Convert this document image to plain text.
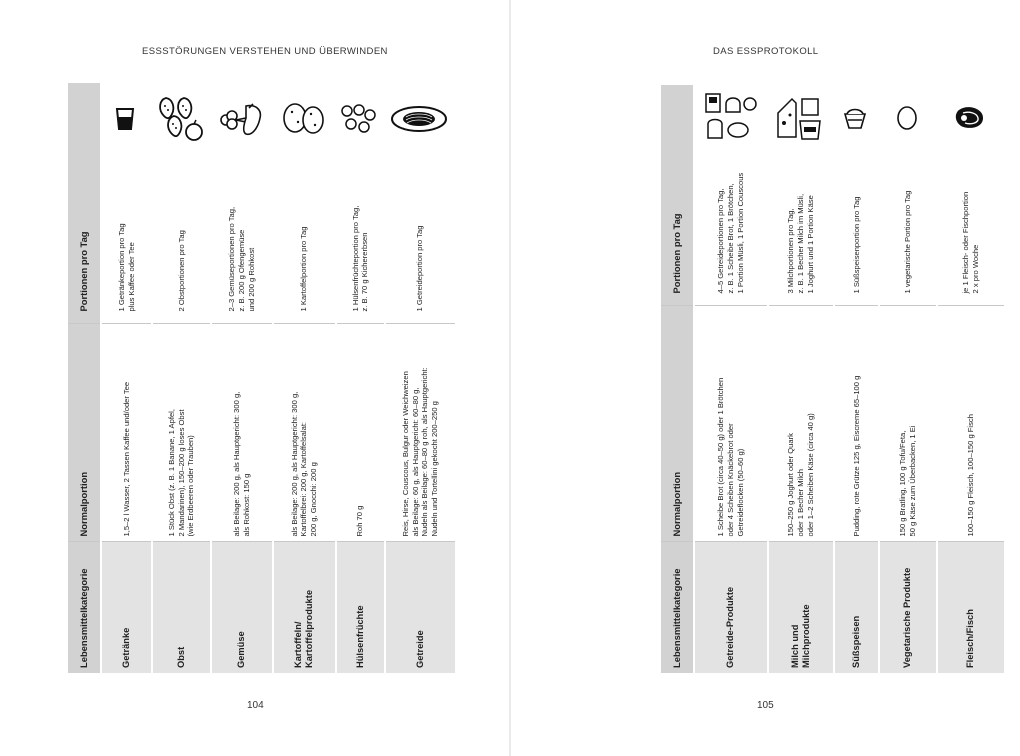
ESSSTÖRUNGEN VERSTEHEN UND ÜBERWINDEN
104
Lebensmittelkategorie	Normalportion	Portionen pro Tag	
Getränke	1,5–2 l Wasser, 2 Tassen Kaffee und/oder Tee	1 Getränkeportion pro Tag
plus Kaffee oder Tee	

Obst	1 Stück Obst (z. B. 1 Banane, 1 Apfel,
2 Mandarinen), 150–200 g loses Obst
(wie Erdbeeren oder Trauben)	2 Obstportionen pro Tag	

Gemüse	als Beilage: 200 g, als Hauptgericht: 300 g,
als Rohkost: 150 g	2–3 Gemüseportionen pro Tag,
z. B. 200 g Ofengemüse
und 200 g Rohkost	

Kartoffeln/
Kartoffelprodukte	als Beilage: 200 g, als Hauptgericht: 300 g,
Kartoffelbrei: 200 g, Kartoffelsalat:
200 g, Gnocchi: 200 g	1 Kartoffelportion pro Tag	

Hülsenfrüchte	Roh 70 g	1 Hülsenfrüchteportion pro Tag,
z. B. 70 g Kichererbsen	

Getreide	Reis, Hirse, Couscous, Bulgur oder Weichweizen
als Beilage: 60 g, als Hauptgericht: 60–80 g,
Nudeln als Beilage: 60–80 g roh, als Hauptgericht:
Nudeln und Tortellini gekocht 200–250 g	1 Getreideportion pro Tag	
DAS ESSPROTOKOLL
105
Lebensmittelkategorie	Normalportion	Portionen pro Tag	
Getreide-Produkte	1 Scheibe Brot (circa 40–50 g) oder 1 Brötchen
oder 4 Scheiben Knäckebrot oder
Getreideflocken (50–60 g)	4–5 Getreideportionen pro Tag,
z. B. 1 Scheibe Brot, 1 Brötchen,
1 Portion Müsli, 1 Portion Couscous	

Milch und
Milchprodukte	150–250 g Joghurt oder Quark
oder 1 Becher Milch
oder 1–2 Scheiben Käse (circa 40 g)	3 Milchportionen pro Tag,
z. B. 1 Becher Milch im Müsli,
1 Joghurt und 1 Portion Käse	

Süßspeisen	Pudding, rote Grütze 125 g, Eiscreme 65–100 g	1 Süßspeisenportion pro Tag	

Vegetarische Produkte	150 g Bratling, 100 g Tofu/Feta,
50 g Käse zum Überbacken, 1 Ei	1 vegetarische Portion pro Tag	

Fleisch/Fisch	100–150 g Fleisch, 100–150 g Fisch	je 1 Fleisch- oder Fischportion
2 x pro Woche	
